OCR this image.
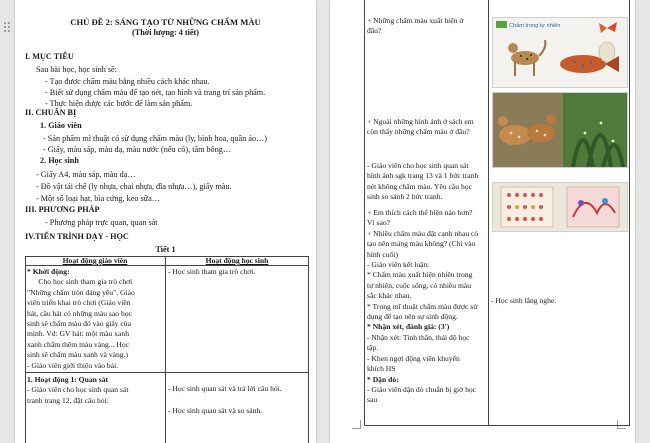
CHỦ ĐỀ 2: SÁNG TẠO TỪ NHỮNG CHẤM MÀU
(Thời lượng: 4 tiết)
I. MỤC TIÊU
Sau bài học, học sinh sẽ:
- Tạo được chấm màu bằng nhiều cách khác nhau.
- Biết sử dụng chấm màu để tạo nét, tạo hình và trang trí sản phẩm.
- Thực hiện được các bước để làm sản phẩm.
II. CHUẨN BỊ
1. Giáo viên
- Sản phẩm mĩ thuật có sử dụng chấm màu (ly, bình hoa, quần áo…)
- Giấy, màu sáp, màu dạ, màu nước (nếu có), tăm bông…
2. Học sinh
- Giấy A4, màu sáp, màu dạ…
- Đồ vật tái chế (ly nhựa, chai nhựa, đĩa nhựa…), giấy màu.
- Một số loại hạt, bìa cứng, keo sữa…
III. PHƯƠNG PHÁP
- Phương pháp trực quan, quan sát
IV.TIẾN TRÌNH DẠY - HỌC
Tiết 1
Hoạt động giáo viên	Hoạt động học sinh
* Khởi động:
Cho học sinh tham gia trò chơi
"Những chấm tròn đáng yêu". Giáo
viên triển khai trò chơi (Giáo viên
hát, cầu hát có những màu sao học
sinh sẽ chấm màu đó vào giấy của
mình. Vd: GV hát: một màu xanh
xanh chấm thêm màu vàng... Học
sinh sẽ chấm màu xanh và vàng.)
- Giáo viên giới thiệu vào bài.
- Học sinh tham gia trò chơi.
1. Hoạt động 1: Quan sát
- Giáo viên cho học sinh quan sát
tranh trang 12, đặt câu hỏi:
- Học sinh quan sát và trả lời câu hỏi.
- Học sinh quan sát và so sánh.
+ Những chấm màu xuất hiện ở
đâu?
+ Ngoài những hình ảnh ở sách em
còn thấy những chấm màu ở đâu?
- Giáo viên cho học sinh quan sát
hình ảnh sgk trang 13 và 1 bức tranh
nét không chấm màu. Yêu cầu học
sinh so sánh 2 bức tranh.
+ Em thích cách thể hiện nào hơn?
Vì sao?
+ Nhiều chấm màu đặt cạnh nhau có
tạo nên mảng màu không? (Chỉ vào
hình cuối)
- Giáo viên kết luận:
* Chấm màu xuất hiện nhiều trong
tự nhiên, cuộc sống, có nhiều màu
sắc khác nhau.
* Trong mĩ thuật chấm màu được sử
dụng để tạo nên sự sinh động.
* Nhận xét, đánh giá: (3')
- Nhận xét: Tinh thần, thái độ học
tập.
- Khen ngợi động viên khuyến
khích HS
* Dặn dò:
- Giáo viên dặn dò chuẩn bị giờ học
sau
- Học sinh lắng nghe.
Chấm trong tự nhiên
